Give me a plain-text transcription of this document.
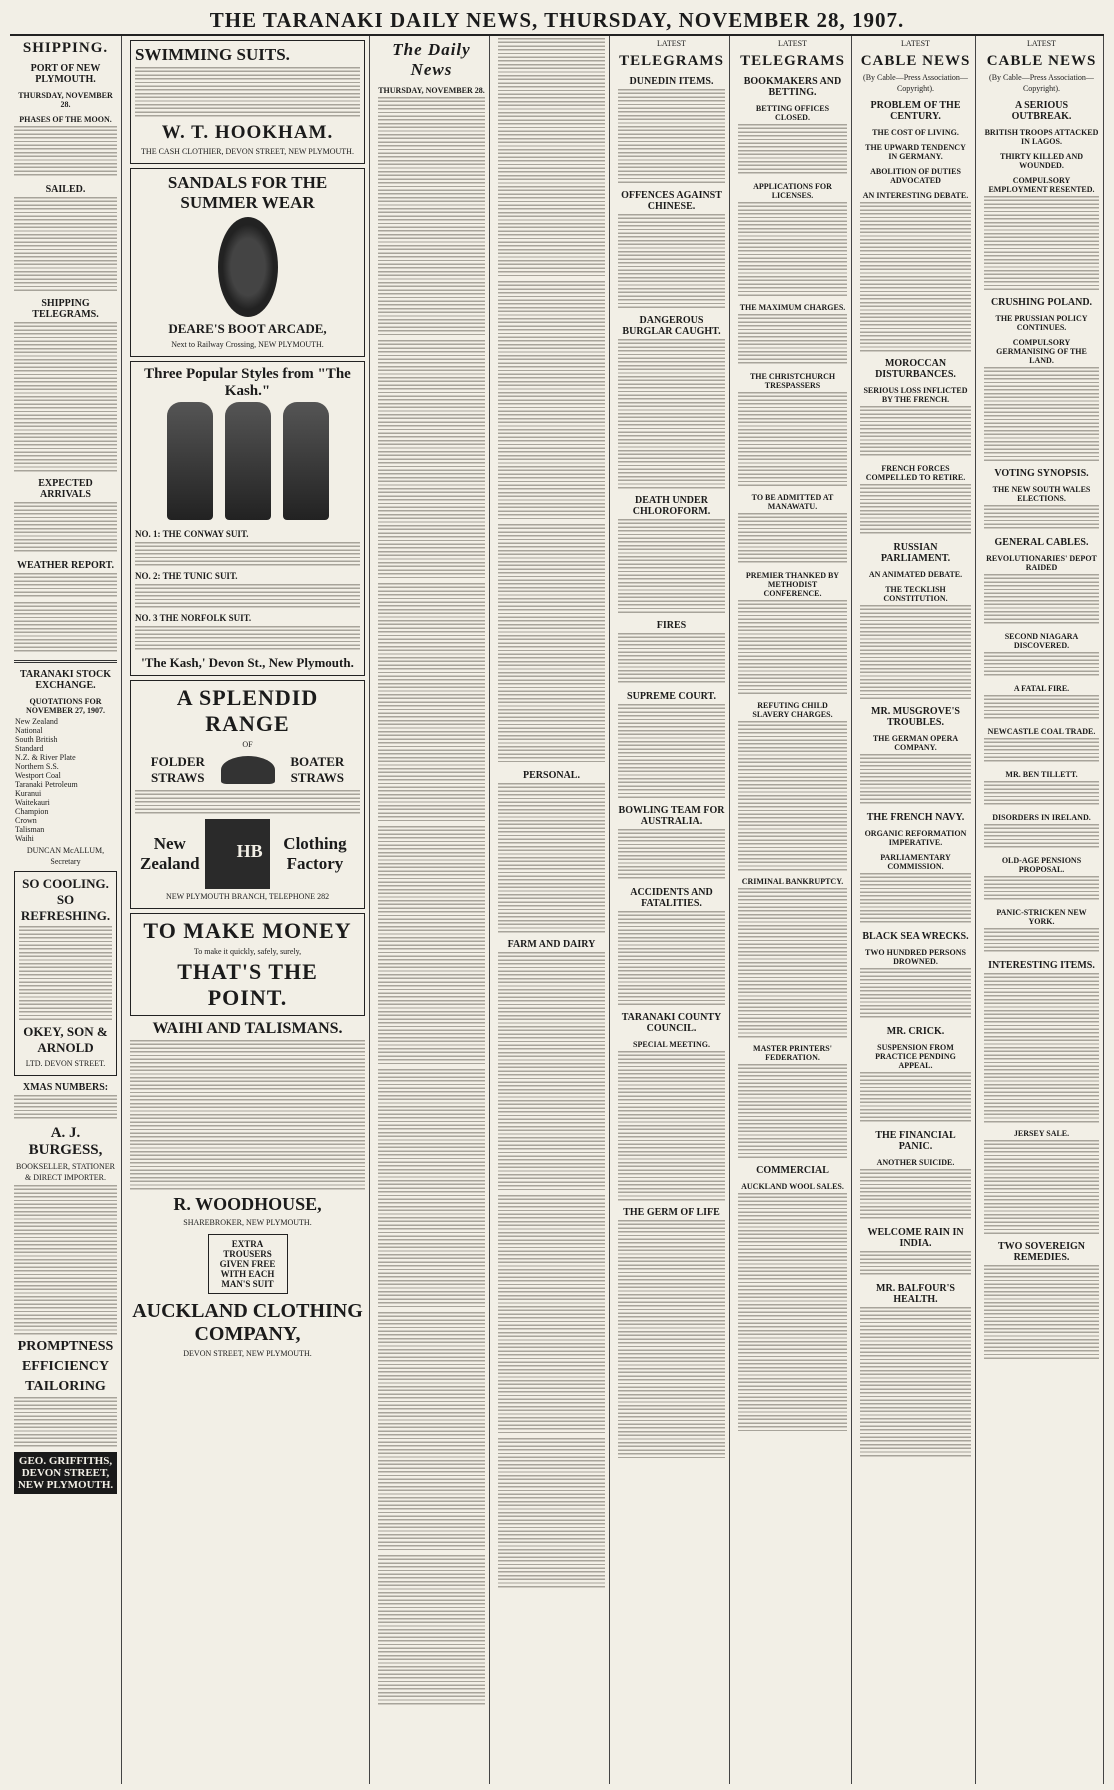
THE TARANAKI DAILY NEWS, THURSDAY, NOVEMBER 28, 1907.
SHIPPING.
PORT OF NEW PLYMOUTH.
THURSDAY, NOVEMBER 28.
PHASES OF THE MOON.
SAILED.
SHIPPING TELEGRAMS.
EXPECTED ARRIVALS
WEATHER REPORT.
TARANAKI STOCK EXCHANGE.
QUOTATIONS FOR NOVEMBER 27, 1907.
New Zealand
National
South British
Standard
N.Z. & River Plate
Northern S.S.
Westport Coal
Taranaki Petroleum
Kuranui
Waitekauri
Champion
Crown
Talisman
Waihi
DUNCAN McALLUM, Secretary
SO COOLING. SO REFRESHING.
OKEY, SON & ARNOLD
LTD. DEVON STREET.
XMAS NUMBERS:
A. J. BURGESS,
BOOKSELLER, STATIONER & DIRECT IMPORTER.
PROMPTNESS
EFFICIENCY
TAILORING
GEO. GRIFFITHS, DEVON STREET, NEW PLYMOUTH.
SWIMMING SUITS.
W. T. HOOKHAM.
THE CASH CLOTHIER, DEVON STREET, NEW PLYMOUTH.
SANDALS FOR THE SUMMER WEAR
DEARE'S BOOT ARCADE,
Next to Railway Crossing, NEW PLYMOUTH.
Three Popular Styles from "The Kash."
NO. 1: THE CONWAY SUIT.
NO. 2: THE TUNIC SUIT.
NO. 3 THE NORFOLK SUIT.
'The Kash,' Devon St., New Plymouth.
A SPLENDID RANGE
OF
FOLDER STRAWS
BOATER STRAWS
New Zealand
HB
Clothing Factory
NEW PLYMOUTH BRANCH, TELEPHONE 282
TO MAKE MONEY
To make it quickly, safely, surely,
THAT'S THE POINT.
WAIHI AND TALISMANS.
R. WOODHOUSE,
SHAREBROKER, NEW PLYMOUTH.
EXTRA TROUSERS GIVEN FREE WITH EACH MAN'S SUIT
AUCKLAND CLOTHING COMPANY,
DEVON STREET, NEW PLYMOUTH.
The Daily News
THURSDAY, NOVEMBER 28.
PERSONAL.
FARM AND DAIRY
LATEST
TELEGRAMS
DUNEDIN ITEMS.
OFFENCES AGAINST CHINESE.
DANGEROUS BURGLAR CAUGHT.
DEATH UNDER CHLOROFORM.
FIRES
SUPREME COURT.
BOWLING TEAM FOR AUSTRALIA.
ACCIDENTS AND FATALITIES.
TARANAKI COUNTY COUNCIL.
SPECIAL MEETING.
THE GERM OF LIFE
LATEST
TELEGRAMS
BOOKMAKERS AND BETTING.
BETTING OFFICES CLOSED.
APPLICATIONS FOR LICENSES.
THE MAXIMUM CHARGES.
THE CHRISTCHURCH TRESPASSERS
TO BE ADMITTED AT MANAWATU.
PREMIER THANKED BY METHODIST CONFERENCE.
REFUTING CHILD SLAVERY CHARGES.
CRIMINAL BANKRUPTCY.
MASTER PRINTERS' FEDERATION.
COMMERCIAL
AUCKLAND WOOL SALES.
LATEST
CABLE NEWS
(By Cable—Press Association—Copyright).
PROBLEM OF THE CENTURY.
THE COST OF LIVING.
THE UPWARD TENDENCY IN GERMANY.
ABOLITION OF DUTIES ADVOCATED
AN INTERESTING DEBATE.
MOROCCAN DISTURBANCES.
SERIOUS LOSS INFLICTED BY THE FRENCH.
FRENCH FORCES COMPELLED TO RETIRE.
RUSSIAN PARLIAMENT.
AN ANIMATED DEBATE.
THE TECKLISH CONSTITUTION.
MR. MUSGROVE'S TROUBLES.
THE GERMAN OPERA COMPANY.
THE FRENCH NAVY.
ORGANIC REFORMATION IMPERATIVE.
PARLIAMENTARY COMMISSION.
BLACK SEA WRECKS.
TWO HUNDRED PERSONS DROWNED.
MR. CRICK.
SUSPENSION FROM PRACTICE PENDING APPEAL.
THE FINANCIAL PANIC.
ANOTHER SUICIDE.
WELCOME RAIN IN INDIA.
MR. BALFOUR'S HEALTH.
LATEST
CABLE NEWS
(By Cable—Press Association—Copyright).
A SERIOUS OUTBREAK.
BRITISH TROOPS ATTACKED IN LAGOS.
THIRTY KILLED AND WOUNDED.
COMPULSORY EMPLOYMENT RESENTED.
CRUSHING POLAND.
THE PRUSSIAN POLICY CONTINUES.
COMPULSORY GERMANISING OF THE LAND.
VOTING SYNOPSIS.
THE NEW SOUTH WALES ELECTIONS.
GENERAL CABLES.
REVOLUTIONARIES' DEPOT RAIDED
SECOND NIAGARA DISCOVERED.
A FATAL FIRE.
NEWCASTLE COAL TRADE.
MR. BEN TILLETT.
DISORDERS IN IRELAND.
OLD-AGE PENSIONS PROPOSAL.
PANIC-STRICKEN NEW YORK.
INTERESTING ITEMS.
JERSEY SALE.
TWO SOVEREIGN REMEDIES.
